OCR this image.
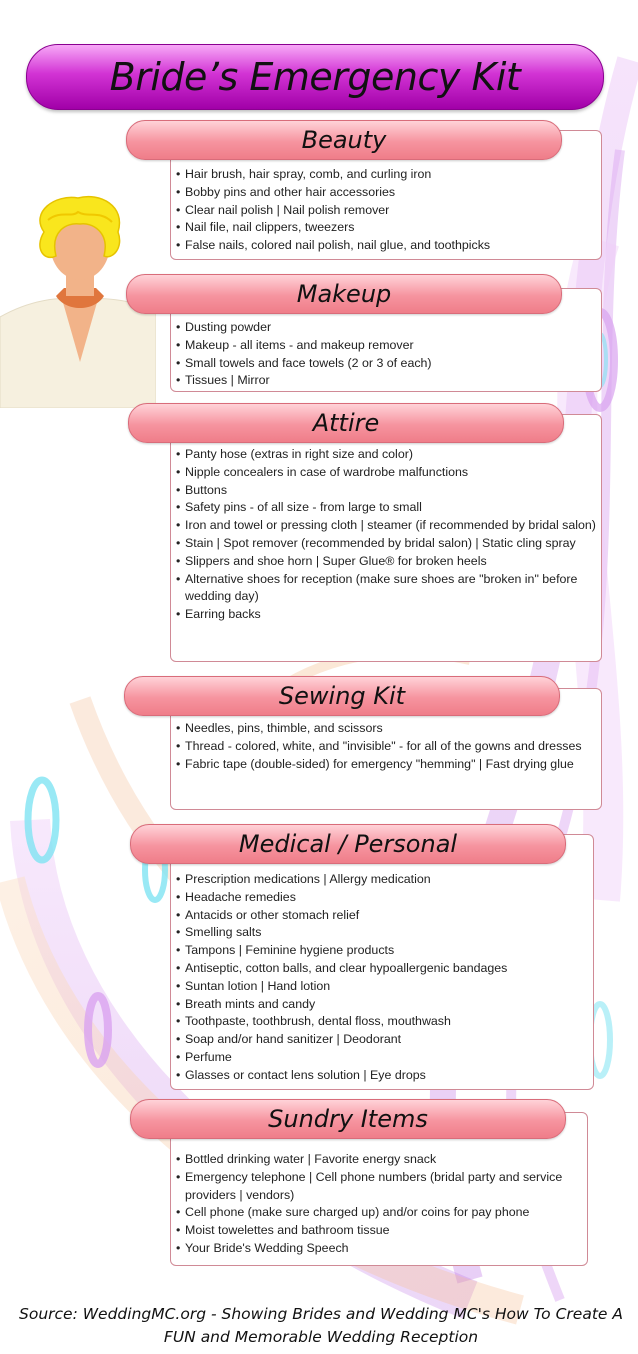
Bride’s Emergency Kit
Beauty
• Hair brush, hair spray, comb, and curling iron
• Bobby pins and other hair accessories
• Clear nail polish | Nail polish remover
• Nail file, nail clippers, tweezers
• False nails, colored nail polish, nail glue, and toothpicks
Makeup
• Dusting powder
• Makeup - all items - and makeup remover
• Small towels and face towels (2 or 3 of each)
• Tissues | Mirror
Attire
• Panty hose (extras in right size and color)
• Nipple concealers in case of wardrobe malfunctions
• Buttons
• Safety pins - of all size - from large to small
• Iron and towel or pressing cloth | steamer (if recommended by bridal salon)
• Stain | Spot remover (recommended by bridal salon) | Static cling spray
• Slippers and shoe horn | Super Glue® for broken heels
• Alternative shoes for reception (make sure shoes are "broken in" before wedding day)
• Earring backs
Sewing Kit
• Needles, pins, thimble, and scissors
• Thread - colored, white, and "invisible" - for all of the gowns and dresses
• Fabric tape (double-sided) for emergency "hemming" | Fast drying glue
Medical / Personal
• Prescription medications | Allergy medication
• Headache remedies
• Antacids or other stomach relief
• Smelling salts
• Tampons | Feminine hygiene products
• Antiseptic, cotton balls, and clear hypoallergenic bandages
• Suntan lotion | Hand lotion
• Breath mints and candy
• Toothpaste, toothbrush, dental floss, mouthwash
• Soap and/or hand sanitizer | Deodorant
• Perfume
• Glasses or contact lens solution | Eye drops
Sundry Items
• Bottled drinking water | Favorite energy snack
• Emergency telephone | Cell phone numbers (bridal party and service providers | vendors)
• Cell phone (make sure charged up) and/or coins for pay phone
• Moist towelettes and bathroom tissue
• Your Bride's Wedding Speech
Source: WeddingMC.org - Showing Brides and Wedding MC's How To Create A FUN and Memorable Wedding Reception
